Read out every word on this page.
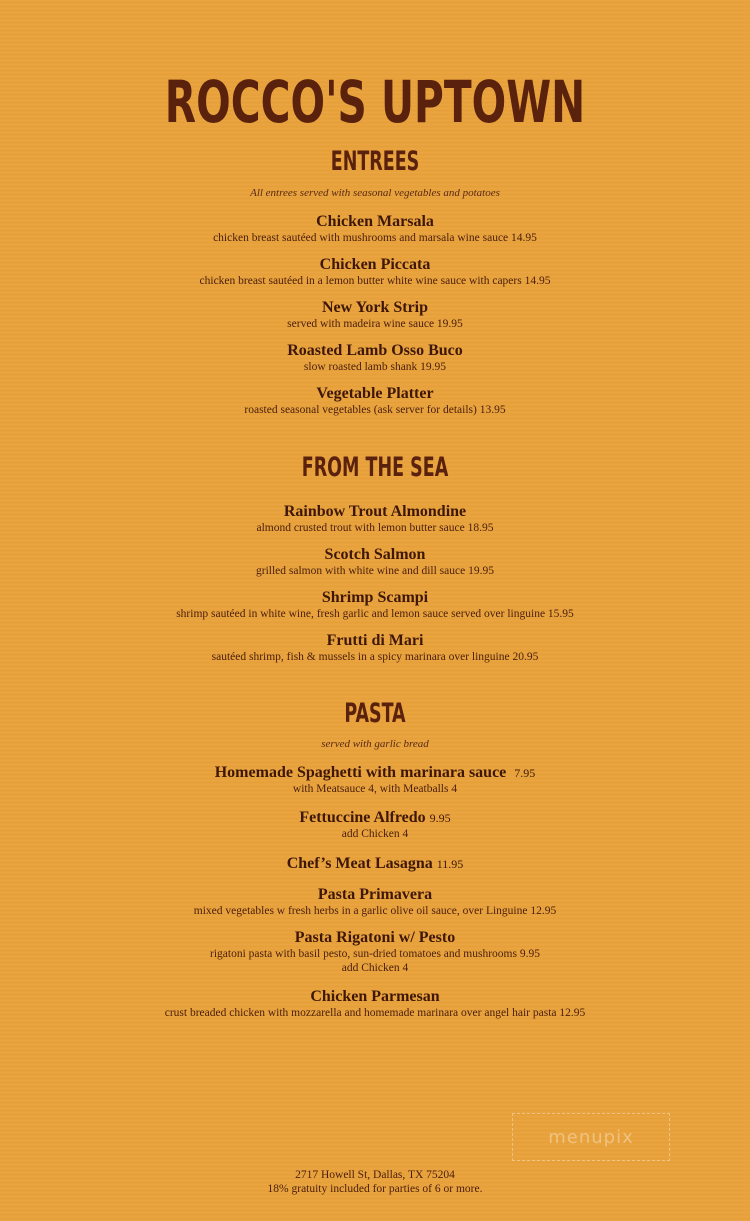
ROCCO'S UPTOWN
ENTREES
All entrees served with seasonal vegetables and potatoes
Chicken Marsala
chicken breast sautéed with mushrooms and marsala wine sauce 14.95
Chicken Piccata
chicken breast sautéed in a lemon butter white wine sauce with capers 14.95
New York Strip
served with madeira wine sauce 19.95
Roasted Lamb Osso Buco
slow roasted lamb shank 19.95
Vegetable Platter
roasted seasonal vegetables (ask server for details) 13.95
FROM THE SEA
Rainbow Trout Almondine
almond crusted trout with lemon butter sauce 18.95
Scotch Salmon
grilled salmon with white wine and dill sauce 19.95
Shrimp Scampi
shrimp sautéed in white wine, fresh garlic and lemon sauce served over linguine 15.95
Frutti di Mari
sautéed shrimp, fish & mussels in a spicy marinara over linguine 20.95
PASTA
served with garlic bread
Homemade Spaghetti with marinara sauce 7.95
with Meatsauce 4, with Meatballs 4
Fettuccine Alfredo 9.95
add Chicken 4
Chef’s Meat Lasagna 11.95
Pasta Primavera
mixed vegetables w fresh herbs in a garlic olive oil sauce, over Linguine 12.95
Pasta Rigatoni w/ Pesto
rigatoni pasta with basil pesto, sun-dried tomatoes and mushrooms 9.95
add Chicken 4
Chicken Parmesan
crust breaded chicken with mozzarella and homemade marinara over angel hair pasta 12.95
menupix
2717 Howell St, Dallas, TX 75204
18% gratuity included for parties of 6 or more.
